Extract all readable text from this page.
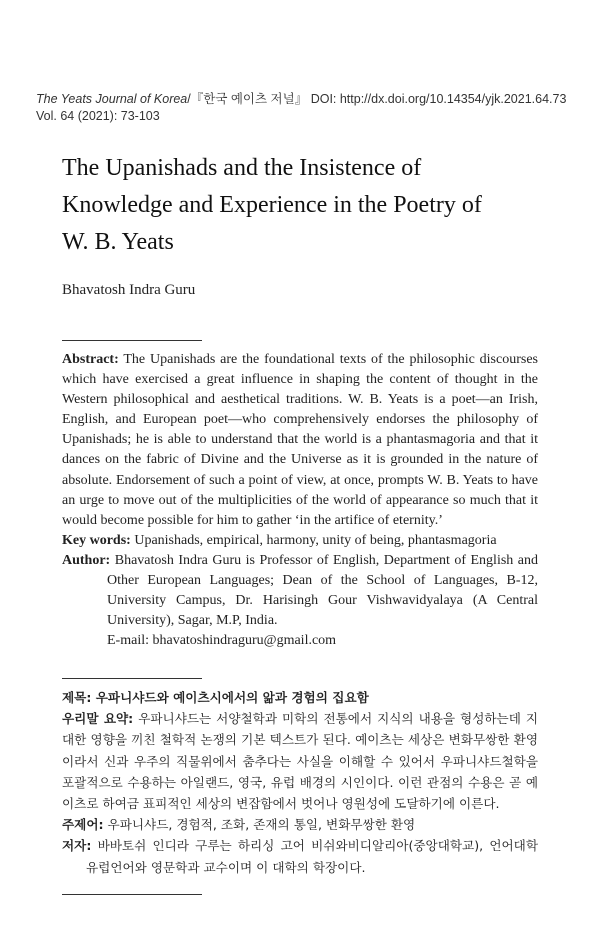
The Yeats Journal of Korea/『한국 예이츠 저널』 DOI: http://dx.doi.org/10.14354/yjk.2021.64.73
Vol. 64 (2021): 73-103
The Upanishads and the Insistence of
Knowledge and Experience in the Poetry of
W. B. Yeats
Bhavatosh Indra Guru

Abstract: The Upanishads are the foundational texts of the philosophic discourses which have exercised a great influence in shaping the content of thought in the Western philosophical and aesthetical traditions. W. B. Yeats is a poet—an Irish, English, and European poet—who comprehensively endorses the philosophy of Upanishads; he is able to understand that the world is a phantasmagoria and that it dances on the fabric of Divine and the Universe as it is grounded in the nature of absolute. Endorsement of such a point of view, at once, prompts W. B. Yeats to have an urge to move out of the multiplicities of the world of appearance so much that it would become possible for him to gather ‘in the artifice of eternity.’

Key words: Upanishads, empirical, harmony, unity of being, phantasmagoria

Author: Bhavatosh Indra Guru is Professor of English, Department of English and Other European Languages; Dean of the School of Languages, B-12, University Campus, Dr. Harisingh Gour Vishwavidyalaya (A Central University), Sagar, M.P, India.

E-mail: bhavatoshindraguru@gmail.com

제목: 우파니샤드와 예이츠시에서의 앎과 경험의 집요함

우리말 요약: 우파니샤드는 서양철학과 미학의 전통에서 지식의 내용을 형성하는데 지대한 영향을 끼친 철학적 논쟁의 기본 텍스트가 된다. 예이츠는 세상은 변화무쌍한 환영이라서 신과 우주의 직물위에서 춤추다는 사실을 이해할 수 있어서 우파니샤드철학을 포괄적으로 수용하는 아일랜드, 영국, 유럽 배경의 시인이다. 이런 관점의 수용은 곧 예이츠로 하여금 표피적인 세상의 변잡함에서 벗어나 영원성에 도달하기에 이른다.

주제어: 우파니샤드, 경험적, 조화, 존재의 통일, 변화무쌍한 환영

저자: 바바토쉬 인디라 구루는 하리싱 고어 비쉬와비디알리아(중앙대학교), 언어대학 유럽언어와 영문학과 교수이며 이 대학의 학장이다.
